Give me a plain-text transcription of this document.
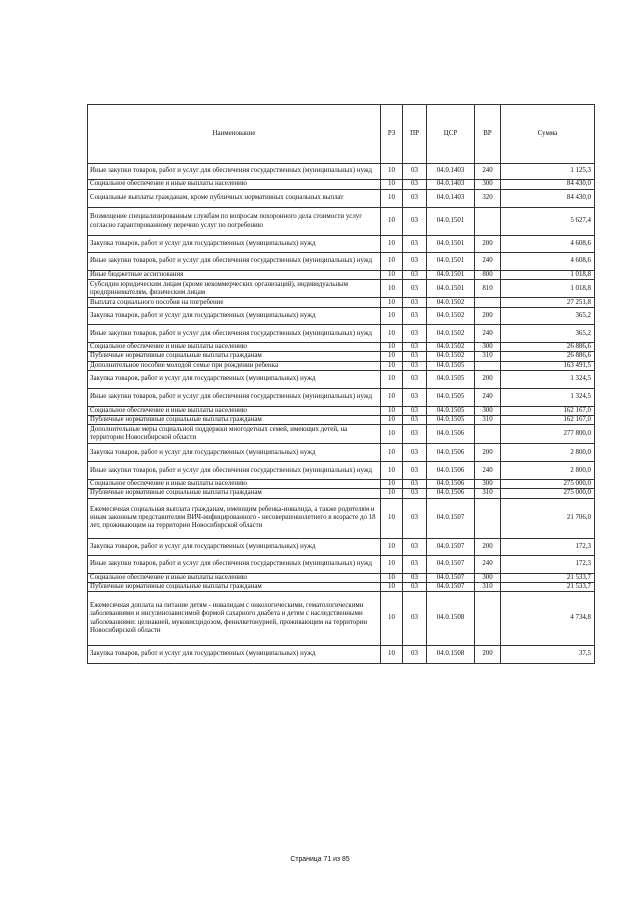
Наименование	РЗ	ПР	ЦСР	ВР	Сумма
Иные закупки товаров, работ и услуг для обеспечения государственных (муниципальных) нужд	10	03	04.0.1403	240	1 125,3
Социальное обеспечение и иные выплаты населению	10	03	04.0.1403	300	84 430,0
Социальные выплаты гражданам, кроме публичных нормативных социальных выплат	10	03	04.0.1403	320	84 430,0
Возмещение специализированным службам по вопросам похоронного дела стоимости услуг согласно гарантированному перечню услуг по погребению	10	03	04.0.1501		5 627,4
Закупка товаров, работ и услуг для государственных (муниципальных) нужд	10	03	04.0.1501	200	4 608,6
Иные закупки товаров, работ и услуг для обеспечения государственных (муниципальных) нужд	10	03	04.0.1501	240	4 608,6
Иные бюджетные ассигнования	10	03	04.0.1501	800	1 018,8
Субсидии юридическим лицам (кроме некоммерческих организаций), индивидуальным предпринимателям, физическим лицам	10	03	04.0.1501	810	1 018,8
Выплата социального пособия на погребение	10	03	04.0.1502		27 251,8
Закупка товаров, работ и услуг для государственных (муниципальных) нужд	10	03	04.0.1502	200	365,2
Иные закупки товаров, работ и услуг для обеспечения государственных (муниципальных) нужд	10	03	04.0.1502	240	365,2
Социальное обеспечение и иные выплаты населению	10	03	04.0.1502	300	26 886,6
Публичные нормативные социальные выплаты гражданам	10	03	04.0.1502	310	26 886,6
Дополнительное пособие молодой семье при рождении ребенка	10	03	04.0.1505		163 491,5
Закупка товаров, работ и услуг для государственных (муниципальных) нужд	10	03	04.0.1505	200	1 324,5
Иные закупки товаров, работ и услуг для обеспечения государственных (муниципальных) нужд	10	03	04.0.1505	240	1 324,5
Социальное обеспечение и иные выплаты населению	10	03	04.0.1505	300	162 167,0
Публичные нормативные социальные выплаты гражданам	10	03	04.0.1505	310	162 167,0
Дополнительные меры социальной поддержки многодетных семей, имеющих детей, на территории Новосибирской области	10	03	04.0.1506		277 800,0
Закупка товаров, работ и услуг для государственных (муниципальных) нужд	10	03	04.0.1506	200	2 800,0
Иные закупки товаров, работ и услуг для обеспечения государственных (муниципальных) нужд	10	03	04.0.1506	240	2 800,0
Социальное обеспечение и иные выплаты населению	10	03	04.0.1506	300	275 000,0
Публичные нормативные социальные выплаты гражданам	10	03	04.0.1506	310	275 000,0
Ежемесячная социальная выплата гражданам, имеющим ребенка-инвалида, а также родителям и иным законным представителям ВИЧ-инфицированного - несовершеннолетнего в возрасте до 18 лет, проживающим на территории Новосибирской области	10	03	04.0.1507		21 706,0
Закупка товаров, работ и услуг для государственных (муниципальных) нужд	10	03	04.0.1507	200	172,3
Иные закупки товаров, работ и услуг для обеспечения государственных (муниципальных) нужд	10	03	04.0.1507	240	172,3
Социальное обеспечение и иные выплаты населению	10	03	04.0.1507	300	21 533,7
Публичные нормативные социальные выплаты гражданам	10	03	04.0.1507	310	21 533,7
Ежемесячная доплата на питание детям - инвалидам с онкологическими, гематологическими заболеваниями и инсулинозависимой формой сахарного диабета и детям с наследственными заболеваниями: целиакией, муковисцидозом, фенилкетонурией, проживающим на территории Новосибирской области	10	03	04.0.1508		4 734,8
Закупка товаров, работ и услуг для государственных (муниципальных) нужд	10	03	04.0.1508	200	37,5
Страница 71 из 85
